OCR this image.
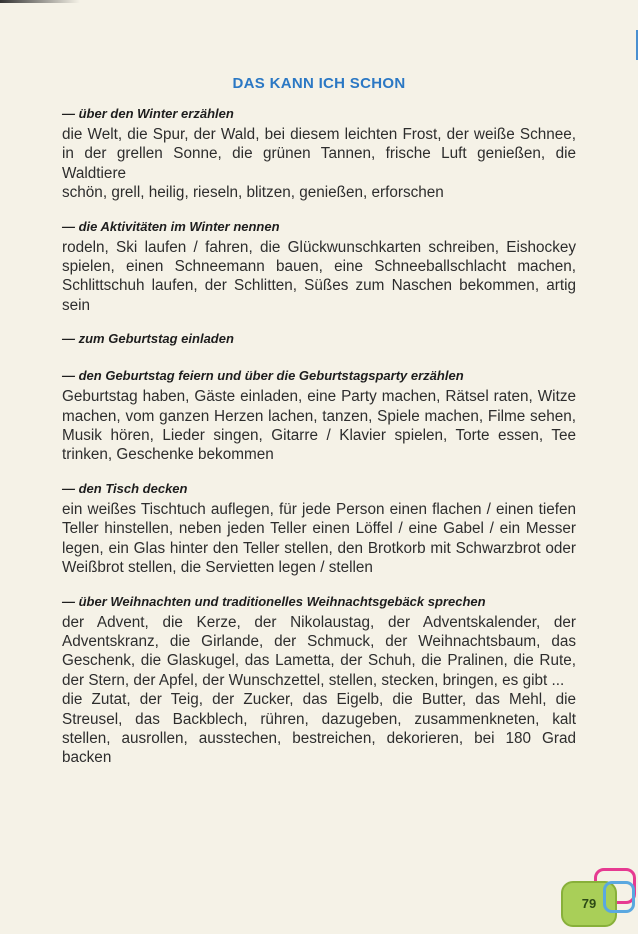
DAS KANN ICH SCHON
— über den Winter erzählen

die Welt, die Spur, der Wald, bei diesem leichten Frost, der weiße Schnee, in der grellen Sonne, die grünen Tannen, frische Luft genießen, die Waldtiere

schön, grell, heilig, rieseln, blitzen, genießen, erforschen

— die Aktivitäten im Winter nennen

rodeln, Ski laufen / fahren, die Glückwunschkarten schreiben, Eishockey spielen, einen Schneemann bauen, eine Schneeballschlacht machen, Schlittschuh laufen, der Schlitten, Süßes zum Naschen bekommen, artig sein

— zum Geburtstag einladen
— den Geburtstag feiern und über die Geburtstagsparty erzählen

Geburtstag haben, Gäste einladen, eine Party machen, Rätsel raten, Witze machen, vom ganzen Herzen lachen, tanzen, Spiele machen, Filme sehen, Musik hören, Lieder singen, Gitarre / Klavier spielen, Torte essen, Tee trinken, Geschenke bekommen

— den Tisch decken

ein weißes Tischtuch auflegen, für jede Person einen flachen / einen tiefen Teller hinstellen, neben jeden Teller einen Löffel / eine Gabel / ein Messer legen, ein Glas hinter den Teller stellen, den Brotkorb mit Schwarzbrot oder Weißbrot stellen, die Servietten legen / stellen

— über Weihnachten und traditionelles Weihnachtsgebäck sprechen

der Advent, die Kerze, der Nikolaustag, der Adventskalender, der Adventskranz, die Girlande, der Schmuck, der Weihnachtsbaum, das Geschenk, die Glaskugel, das Lametta, der Schuh, die Pralinen, die Rute, der Stern, der Apfel, der Wunschzettel, stellen, stecken, bringen, es gibt ...

die Zutat, der Teig, der Zucker, das Eigelb, die Butter, das Mehl, die Streusel, das Backblech, rühren, dazugeben, zusammenkneten, kalt stellen, ausrollen, ausstechen, bestreichen, dekorieren, bei 180 Grad backen

79
